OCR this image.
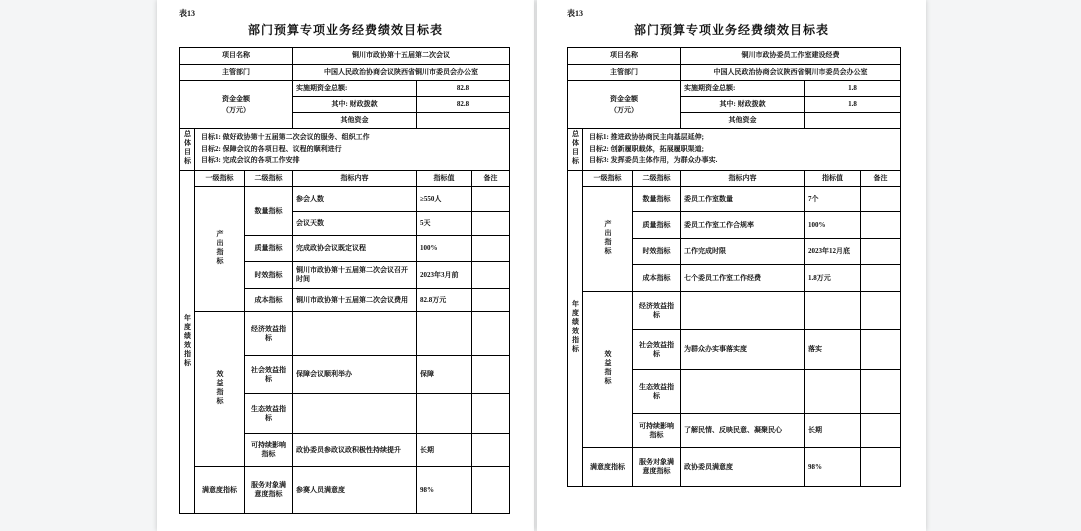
表13
部门预算专项业务经费绩效目标表
项目名称			铜川市政协第十五届第二次会议		
主管部门			中国人民政治协商会议陕西省铜川市委员会办公室		

资金金额
（万元）			实施期资金总额:	82.8	
			其中: 财政拨款	82.8	
			其他资金		
总体目标	目标1: 做好政协第十五届第二次会议的服务、组织工作
目标2: 保障会议的各项日程、议程的顺利进行
目标3: 完成会议的各项工作安排				

年度绩效指标	一级指标	二级指标	指标内容	指标值	备注
	产出指标	数量指标	参会人数	≥550人	
			会议天数	5天	
		质量指标	完成政协会议既定议程	100%	
		时效指标	铜川市政协第十五届第二次会议召开时间	2023年3月前	
		成本指标	铜川市政协第十五届第二次会议费用	82.8万元	
	效益指标	经济效益指标			
		社会效益指标	保障会议顺利举办	保障	
		生态效益指标			
		可持续影响指标	政协委员参政议政积极性持续提升	长期	
	满意度指标	服务对象满意度指标	参赛人员满意度	98%	
表13
部门预算专项业务经费绩效目标表
项目名称			铜川市政协委员工作室建设经费		
主管部门			中国人民政治协商会议陕西省铜川市委员会办公室		

资金金额
（万元）			实施期资金总额:	1.8	
			其中: 财政拨款	1.8	
			其他资金		
总体目标	目标1: 推进政协协商民主向基层延伸;
目标2: 创新履职载体，拓展履职渠道;
目标3: 发挥委员主体作用，为群众办事实.				

年度绩效指标	一级指标	二级指标	指标内容	指标值	备注
	产出指标	数量指标	委员工作室数量	7个	
		质量指标	委员工作室工作合规率	100%	
		时效指标	工作完成时限	2023年12月底	
		成本指标	七个委员工作室工作经费	1.8万元	
	效益指标	经济效益指标			
		社会效益指标	为群众办实事落实度	落实	
		生态效益指标			
		可持续影响指标	了解民情、反映民意、凝聚民心	长期	
	满意度指标	服务对象满意度指标	政协委员满意度	98%	
